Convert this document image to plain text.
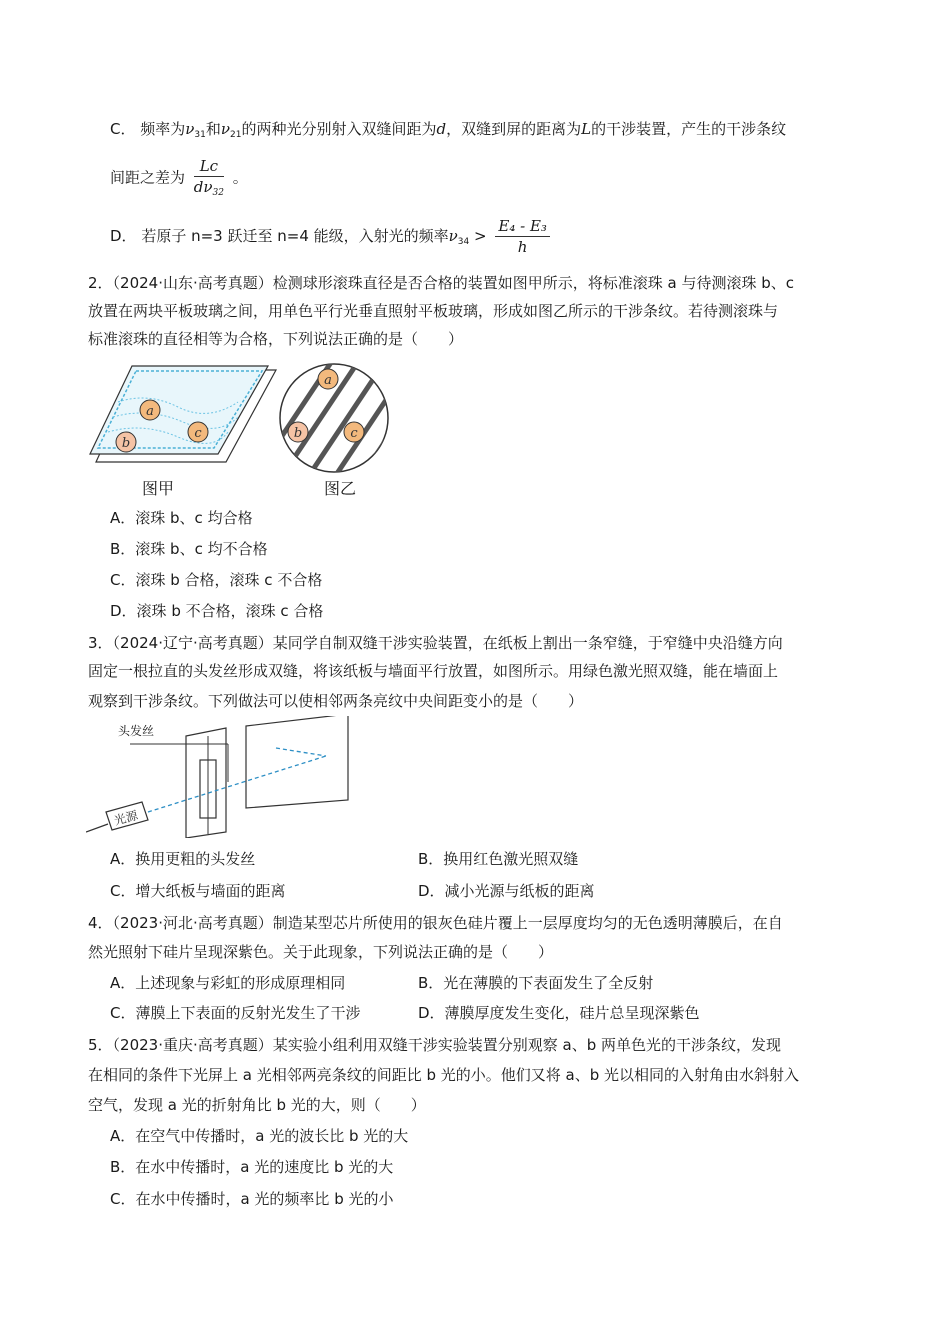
C． 频率为$\nu_{31}$和$\nu_{21}$的两种光分别射入双缝间距为d，双缝到屏的距离为L的干涉装置，产生的干涉条纹
间距之差为 $\frac{Lc}{d\nu_{32}}$ 。
D． 若原子 n=3 跃迁至 n=4 能级，入射光的频率$\nu_{34} > \frac{\text{E₄ - E₃}}{h}$
2．（2024·山东·高考真题）检测球形滚珠直径是否合格的装置如图甲所示，将标准滚珠 a 与待测滚珠 b、c
放置在两块平板玻璃之间，用单色平行光垂直照射平板玻璃，形成如图乙所示的干涉条纹。若待测滚珠与
标准滚珠的直径相等为合格，下列说法正确的是（　　）
a
b
c
图甲
a
b	c
图乙
A．滚珠 b、c 均合格
B．滚珠 b、c 均不合格
C．滚珠 b 合格，滚珠 c 不合格
D．滚珠 b 不合格，滚珠 c 合格
3．（2024·辽宁·高考真题）某同学自制双缝干涉实验装置，在纸板上割出一条窄缝，于窄缝中央沿缝方向
固定一根拉直的头发丝形成双缝，将该纸板与墙面平行放置，如图所示。用绿色激光照双缝，能在墙面上
观察到干涉条纹。下列做法可以使相邻两条亮纹中央间距变小的是（　　）
光源
头发丝
A．换用更粗的头发丝	B．换用红色激光照双缝
C．增大纸板与墙面的距离	D．减小光源与纸板的距离
4．（2023·河北·高考真题）制造某型芯片所使用的银灰色硅片覆上一层厚度均匀的无色透明薄膜后，在自
然光照射下硅片呈现深紫色。关于此现象，下列说法正确的是（　　）
A．上述现象与彩虹的形成原理相同	B．光在薄膜的下表面发生了全反射
C．薄膜上下表面的反射光发生了干涉	D．薄膜厚度发生变化，硅片总呈现深紫色
5．（2023·重庆·高考真题）某实验小组利用双缝干涉实验装置分别观察 a、b 两单色光的干涉条纹，发现
在相同的条件下光屏上 a 光相邻两亮条纹的间距比 b 光的小。他们又将 a、b 光以相同的入射角由水斜射入
空气，发现 a 光的折射角比 b 光的大，则（　　）
A．在空气中传播时，a 光的波长比 b 光的大
B．在水中传播时，a 光的速度比 b 光的大
C．在水中传播时，a 光的频率比 b 光的小
